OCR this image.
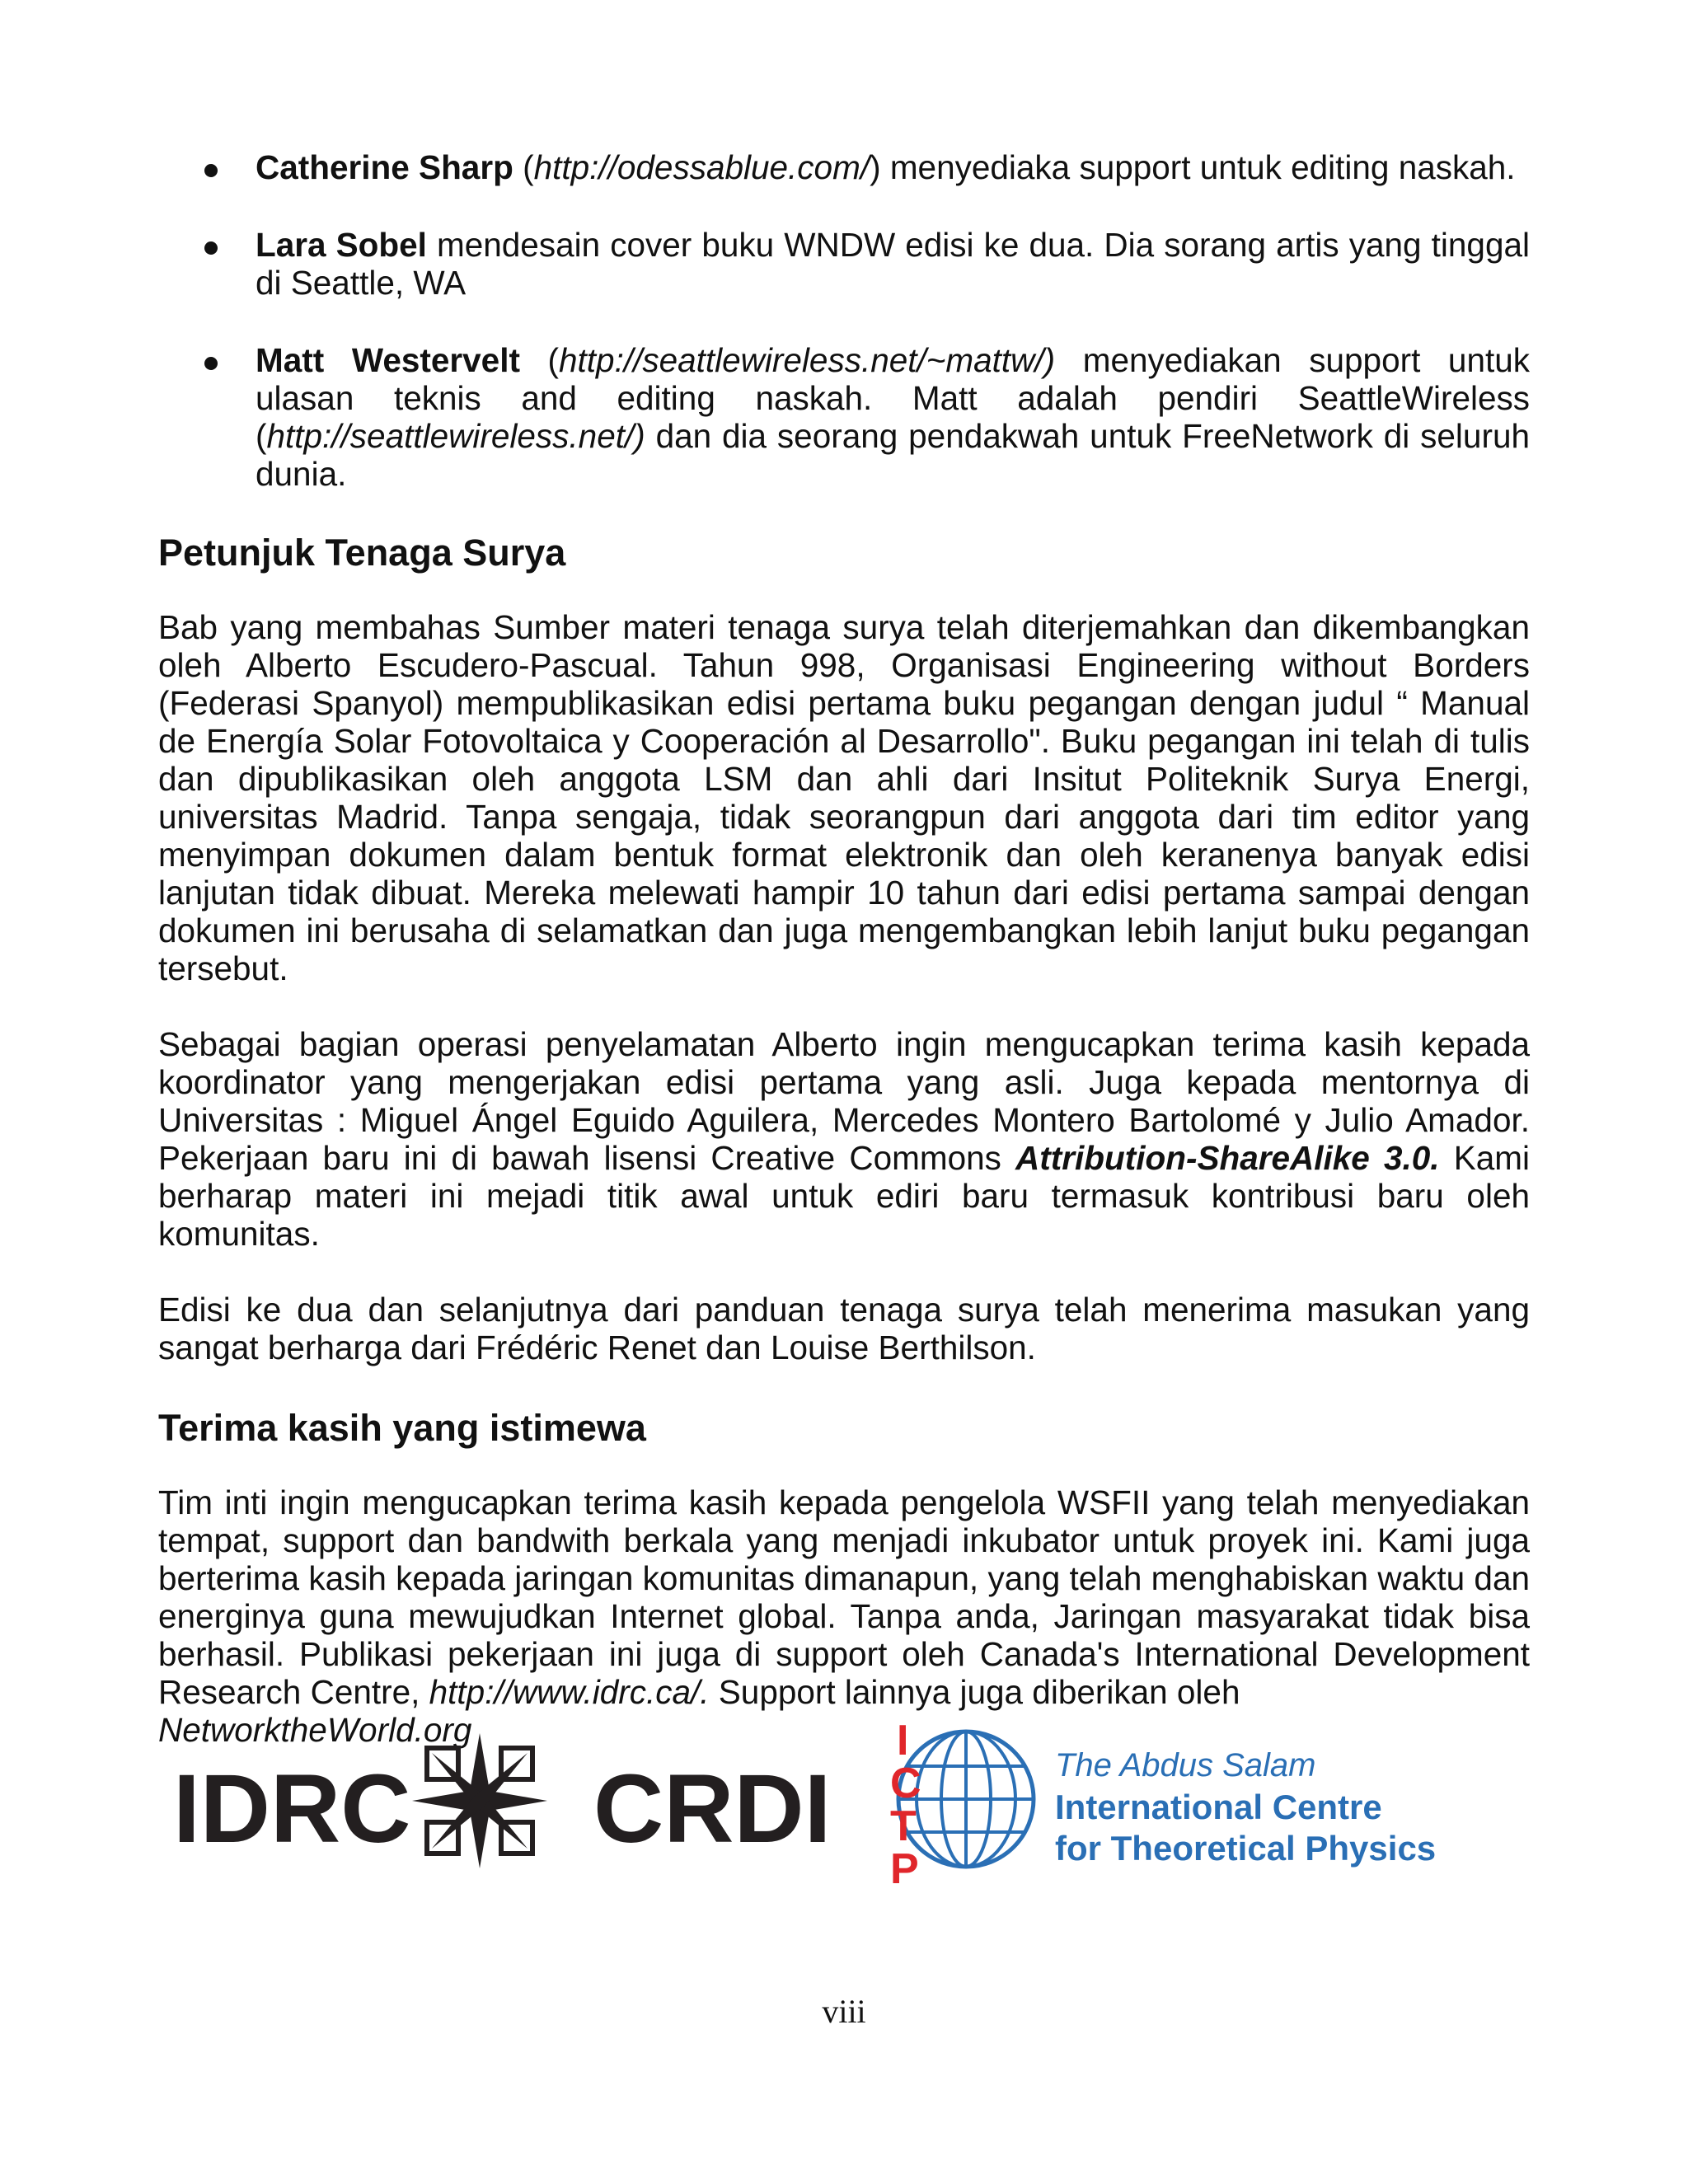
Catherine Sharp (http://odessablue.com/) menyediaka support untuk editing naskah.
Lara Sobel mendesain cover buku WNDW edisi ke dua. Dia sorang artis yang tinggal di Seattle, WA
Matt Westervelt (http://seattlewireless.net/~mattw/) menyediakan support untuk ulasan teknis and editing naskah. Matt adalah pendiri SeattleWireless (http://seattlewireless.net/) dan dia seorang pendakwah untuk FreeNetwork di seluruh dunia.
Petunjuk Tenaga Surya

Bab yang membahas Sumber materi tenaga surya telah diterjemahkan dan dikembangkan oleh Alberto Escudero-Pascual. Tahun 998, Organisasi Engineering without Borders (Federasi Spanyol) mempublikasikan edisi pertama buku pegangan dengan judul “ Manual de Energía Solar Fotovoltaica y Cooperación al Desarrollo". Buku pegangan ini telah di tulis dan dipublikasikan oleh anggota LSM dan ahli dari Insitut Politeknik Surya Energi, universitas Madrid. Tanpa sengaja, tidak seorangpun dari anggota dari tim editor yang menyimpan dokumen dalam bentuk format elektronik dan oleh keranenya banyak edisi lanjutan tidak dibuat. Mereka melewati hampir 10 tahun dari edisi pertama sampai dengan dokumen ini berusaha di selamatkan dan juga mengembangkan lebih lanjut buku pegangan tersebut.

Sebagai bagian operasi penyelamatan Alberto ingin mengucapkan terima kasih kepada koordinator yang mengerjakan edisi pertama yang asli. Juga kepada mentornya di Universitas : Miguel Ángel Eguido Aguilera, Mercedes Montero Bartolomé y Julio Amador. Pekerjaan baru ini di bawah lisensi Creative Commons Attribution-ShareAlike 3.0. Kami berharap materi ini mejadi titik awal untuk ediri baru termasuk kontribusi baru oleh komunitas.

Edisi ke dua dan selanjutnya dari panduan tenaga surya telah menerima masukan yang sangat berharga dari Frédéric Renet dan Louise Berthilson.

Terima kasih yang istimewa

Tim inti ingin mengucapkan terima kasih kepada pengelola WSFII yang telah menyediakan tempat, support dan bandwith berkala yang menjadi inkubator untuk proyek ini. Kami juga berterima kasih kepada jaringan komunitas dimanapun, yang telah menghabiskan waktu dan energinya guna mewujudkan Internet global. Tanpa anda, Jaringan masyarakat tidak bisa berhasil. Publikasi pekerjaan ini juga di support oleh Canada's International Development Research Centre, http://www.idrc.ca/. Support lainnya juga diberikan oleh
NetworktheWorld.org

IDRC CRDI
I
C
T
P
The Abdus Salam
International Centre
for Theoretical Physics
viii
